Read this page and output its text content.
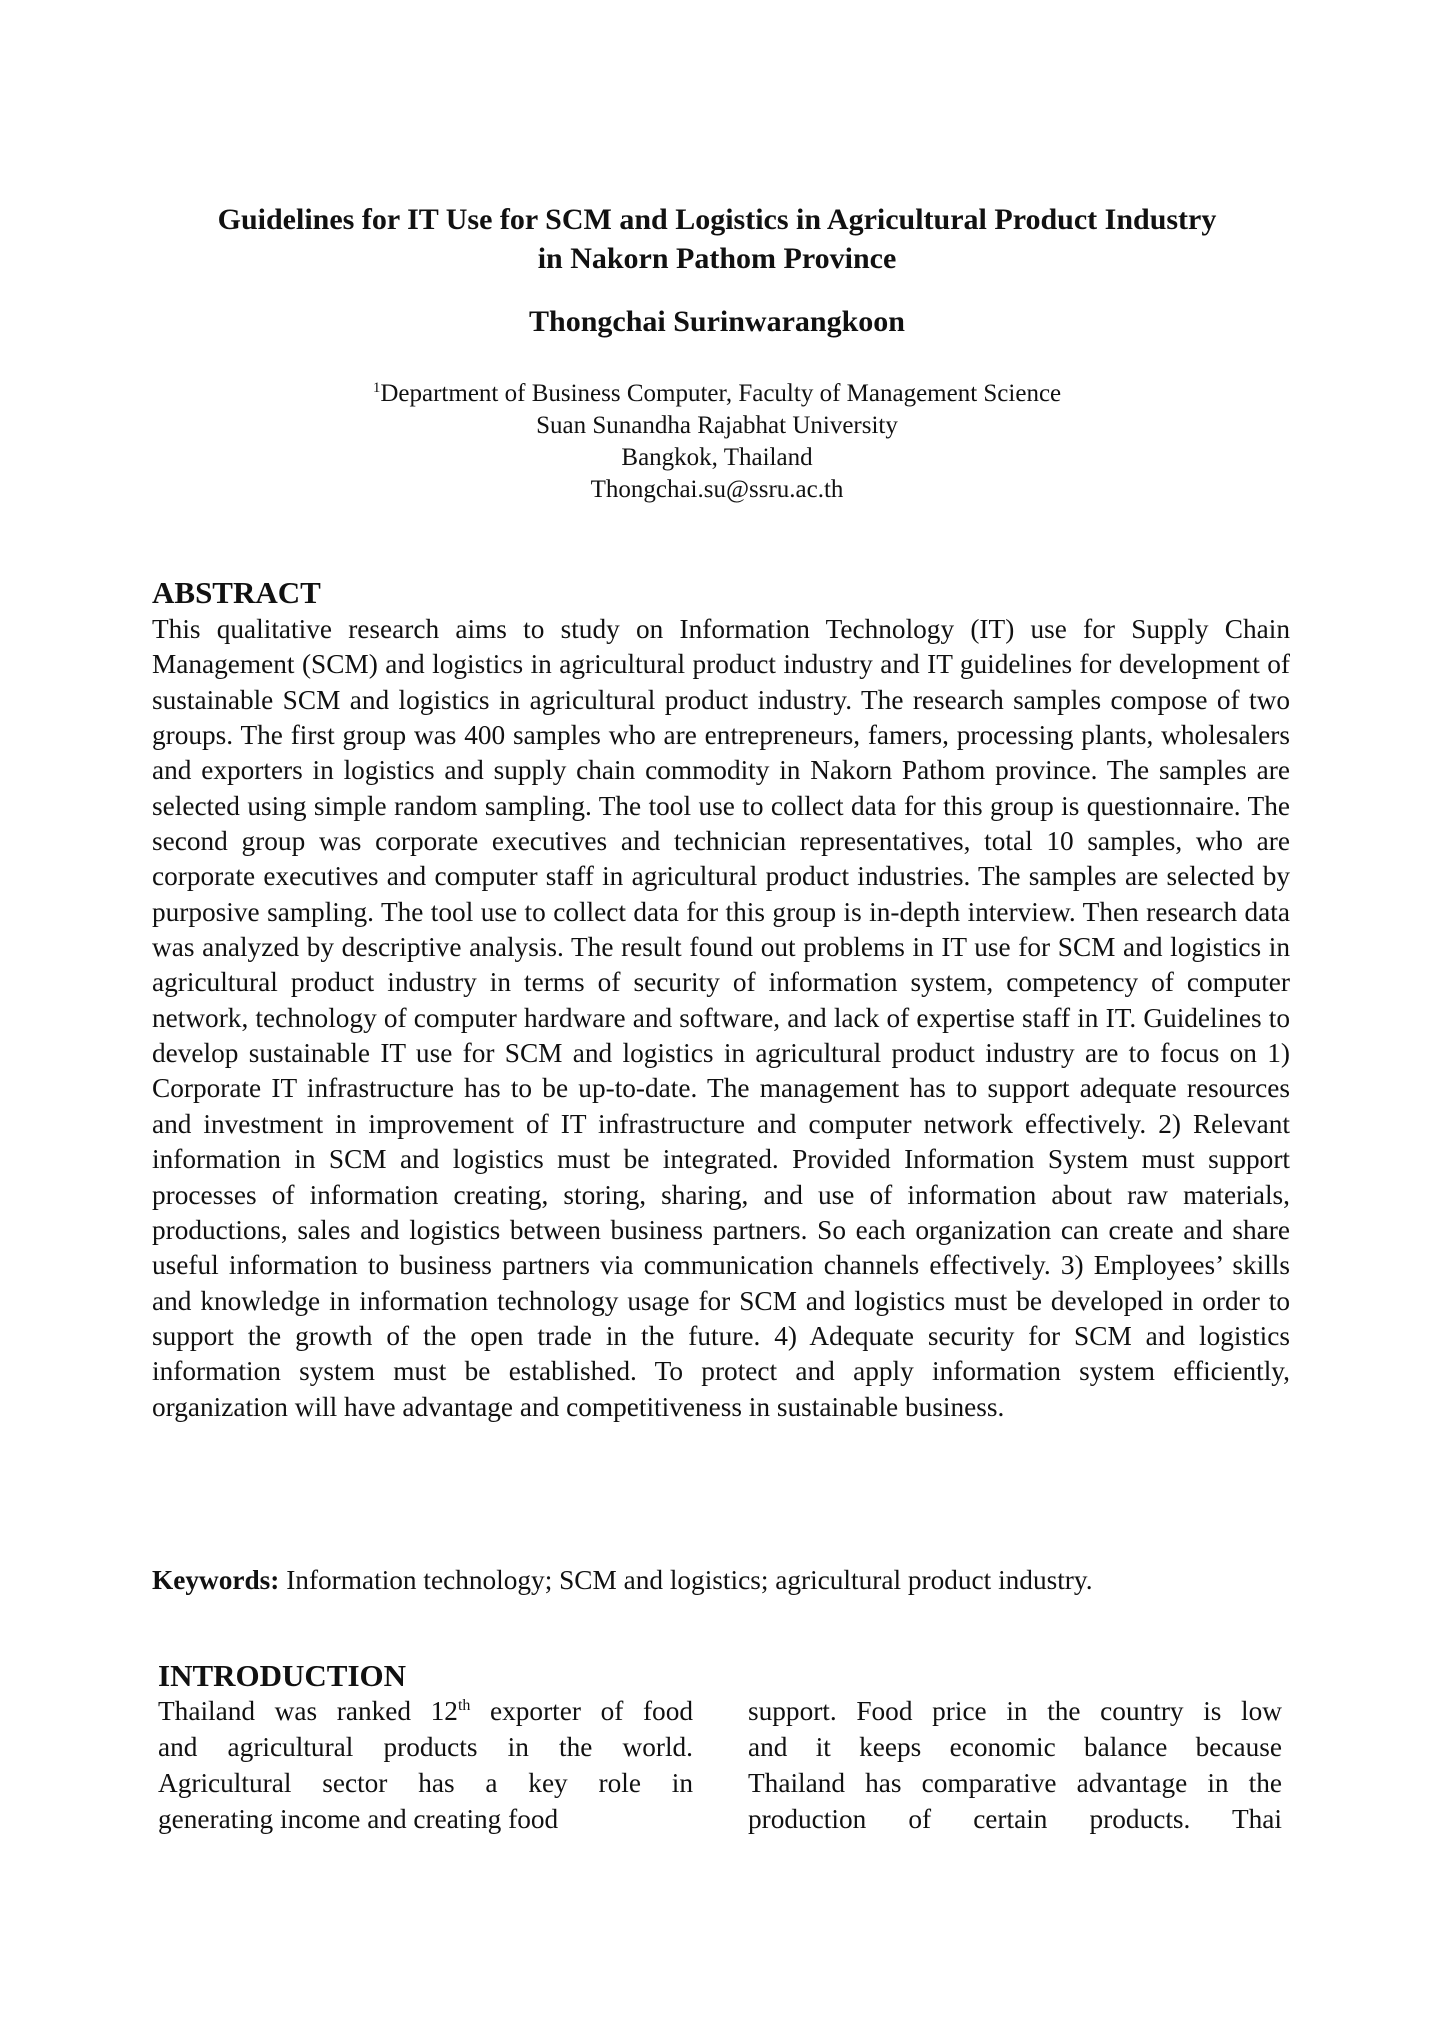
Guidelines for IT Use for SCM and Logistics in Agricultural Product Industry
in Nakorn Pathom Province
Thongchai Surinwarangkoon
$^1$Department of Business Computer, Faculty of Management Science
Suan Sunandha Rajabhat University
Bangkok, Thailand
Thongchai.su@ssru.ac.th
ABSTRACT

This qualitative research aims to study on Information Technology (IT) use for Supply Chain Management (SCM) and logistics in agricultural product industry and IT guidelines for development of sustainable SCM and logistics in agricultural product industry. The research samples compose of two groups. The first group was 400 samples who are entrepreneurs, famers, processing plants, wholesalers and exporters in logistics and supply chain commodity in Nakorn Pathom province. The samples are selected using simple random sampling. The tool use to collect data for this group is questionnaire. The second group was corporate executives and technician representatives, total 10 samples, who are corporate executives and computer staff in agricultural product industries. The samples are selected by purposive sampling. The tool use to collect data for this group is in-depth interview. Then research data was analyzed by descriptive analysis. The result found out problems in IT use for SCM and logistics in agricultural product industry in terms of security of information system, competency of computer network, technology of computer hardware and software, and lack of expertise staff in IT. Guidelines to develop sustainable IT use for SCM and logistics in agricultural product industry are to focus on 1) Corporate IT infrastructure has to be up-to-date. The management has to support adequate resources and investment in improvement of IT infrastructure and computer network effectively. 2) Relevant information in SCM and logistics must be integrated. Provided Information System must support processes of information creating, storing, sharing, and use of information about raw materials, productions, sales and logistics between business partners. So each organization can create and share useful information to business partners via communication channels effectively. 3) Employees’ skills and knowledge in information technology usage for SCM and logistics must be developed in order to support the growth of the open trade in the future. 4) Adequate security for SCM and logistics information system must be established. To protect and apply information system efficiently, organization will have advantage and competitiveness in sustainable business.

Keywords: Information technology; SCM and logistics; agricultural product industry.

INTRODUCTION
Thailand was ranked 12th exporter of food
and agricultural products in the world.
Agricultural sector has a key role in
generating income and creating food
support. Food price in the country is low
and it keeps economic balance because
Thailand has comparative advantage in the
production of certain products. Thai
